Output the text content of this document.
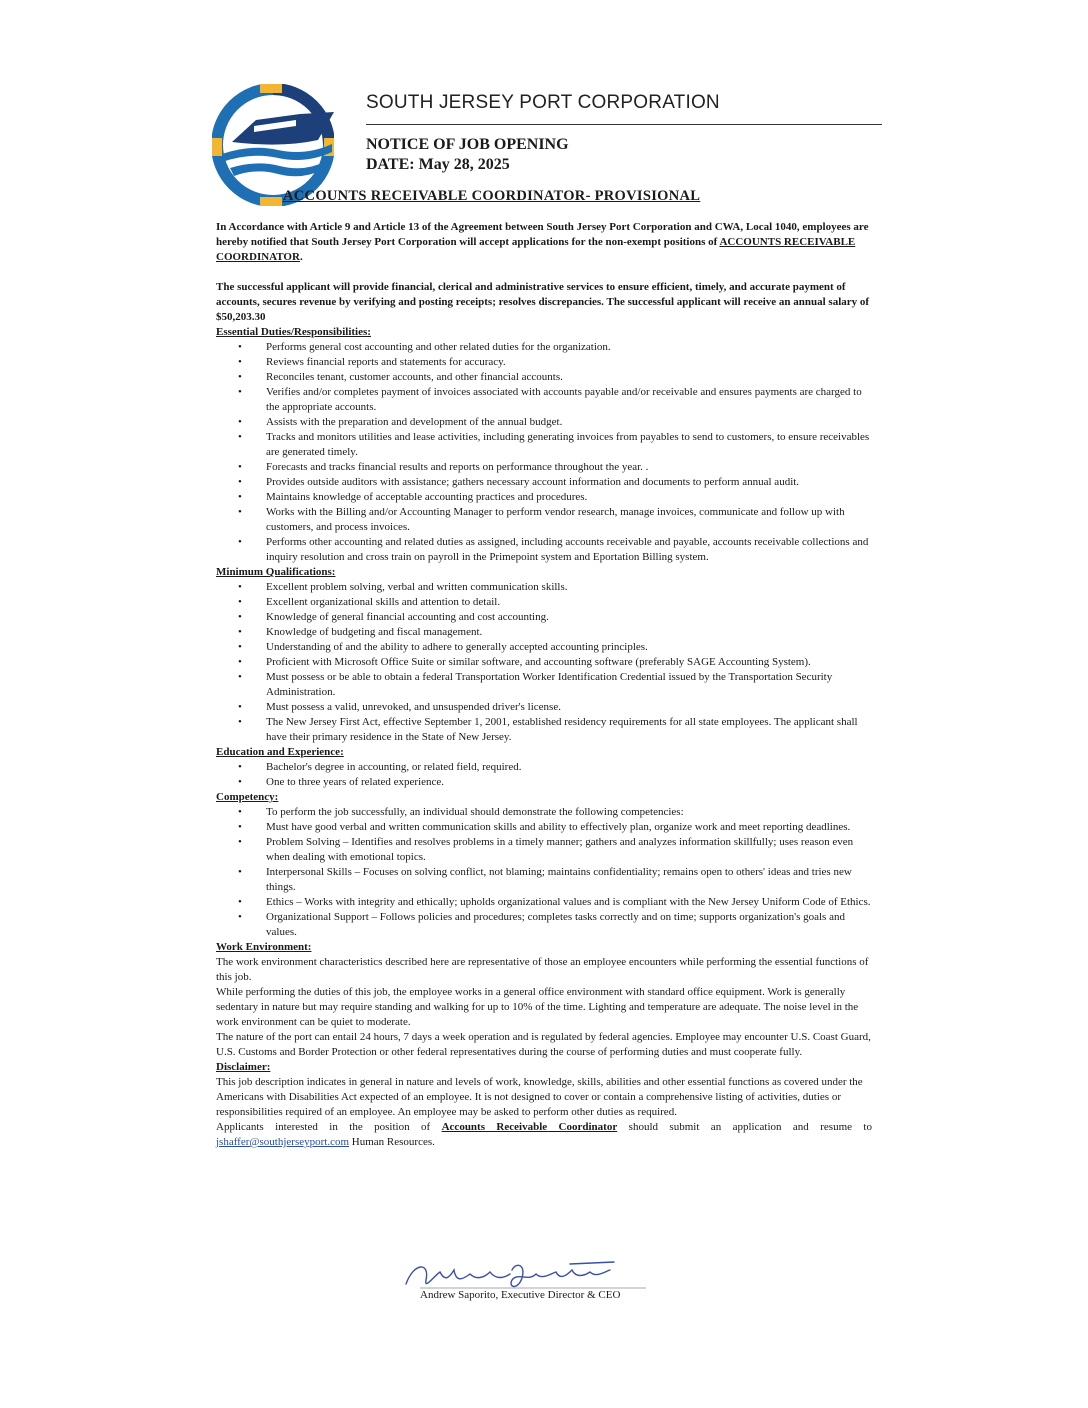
SOUTH JERSEY PORT CORPORATION
NOTICE OF JOB OPENING
DATE: May 28, 2025
ACCOUNTS RECEIVABLE COORDINATOR- PROVISIONAL

In Accordance with Article 9 and Article 13 of the Agreement between South Jersey Port Corporation and CWA, Local 1040, employees are hereby notified that South Jersey Port Corporation will accept applications for the non-exempt positions of ACCOUNTS RECEIVABLE COORDINATOR.

The successful applicant will provide financial, clerical and administrative services to ensure efficient, timely, and accurate payment of accounts, secures revenue by verifying and posting receipts; resolves discrepancies. The successful applicant will receive an annual salary of $50,203.30

Essential Duties/Responsibilities:

• Performs general cost accounting and other related duties for the organization.
• Reviews financial reports and statements for accuracy.
• Reconciles tenant, customer accounts, and other financial accounts.
• Verifies and/or completes payment of invoices associated with accounts payable and/or receivable and ensures payments are charged to the appropriate accounts.
• Assists with the preparation and development of the annual budget.
• Tracks and monitors utilities and lease activities, including generating invoices from payables to send to customers, to ensure receivables are generated timely.
• Forecasts and tracks financial results and reports on performance throughout the year. .
• Provides outside auditors with assistance; gathers necessary account information and documents to perform annual audit.
• Maintains knowledge of acceptable accounting practices and procedures.
• Works with the Billing and/or Accounting Manager to perform vendor research, manage invoices, communicate and follow up with customers, and process invoices.
• Performs other accounting and related duties as assigned, including accounts receivable and payable, accounts receivable collections and inquiry resolution and cross train on payroll in the Primepoint system and Eportation Billing system.

Minimum Qualifications:

• Excellent problem solving, verbal and written communication skills.
• Excellent organizational skills and attention to detail.
• Knowledge of general financial accounting and cost accounting.
• Knowledge of budgeting and fiscal management.
• Understanding of and the ability to adhere to generally accepted accounting principles.
• Proficient with Microsoft Office Suite or similar software, and accounting software (preferably SAGE Accounting System).
• Must possess or be able to obtain a federal Transportation Worker Identification Credential issued by the Transportation Security Administration.
• Must possess a valid, unrevoked, and unsuspended driver's license.
• The New Jersey First Act, effective September 1, 2001, established residency requirements for all state employees. The applicant shall have their primary residence in the State of New Jersey.

Education and Experience:

• Bachelor's degree in accounting, or related field, required.
• One to three years of related experience.

Competency:

• To perform the job successfully, an individual should demonstrate the following competencies:
• Must have good verbal and written communication skills and ability to effectively plan, organize work and meet reporting deadlines.
• Problem Solving – Identifies and resolves problems in a timely manner; gathers and analyzes information skillfully; uses reason even when dealing with emotional topics.
• Interpersonal Skills – Focuses on solving conflict, not blaming; maintains confidentiality; remains open to others' ideas and tries new things.
• Ethics – Works with integrity and ethically; upholds organizational values and is compliant with the New Jersey Uniform Code of Ethics.
• Organizational Support – Follows policies and procedures; completes tasks correctly and on time; supports organization's goals and values.

Work Environment:

The work environment characteristics described here are representative of those an employee encounters while performing the essential functions of this job.

While performing the duties of this job, the employee works in a general office environment with standard office equipment. Work is generally sedentary in nature but may require standing and walking for up to 10% of the time. Lighting and temperature are adequate. The noise level in the work environment can be quiet to moderate.

The nature of the port can entail 24 hours, 7 days a week operation and is regulated by federal agencies. Employee may encounter U.S. Coast Guard, U.S. Customs and Border Protection or other federal representatives during the course of performing duties and must cooperate fully.

Disclaimer:

This job description indicates in general in nature and levels of work, knowledge, skills, abilities and other essential functions as covered under the Americans with Disabilities Act expected of an employee. It is not designed to cover or contain a comprehensive listing of activities, duties or responsibilities required of an employee. An employee may be asked to perform other duties as required.

Applicants interested in the position of Accounts Receivable Coordinator should submit an application and resume to jshaffer@southjerseyport.com Human Resources.

Andrew Saporito, Executive Director & CEO
